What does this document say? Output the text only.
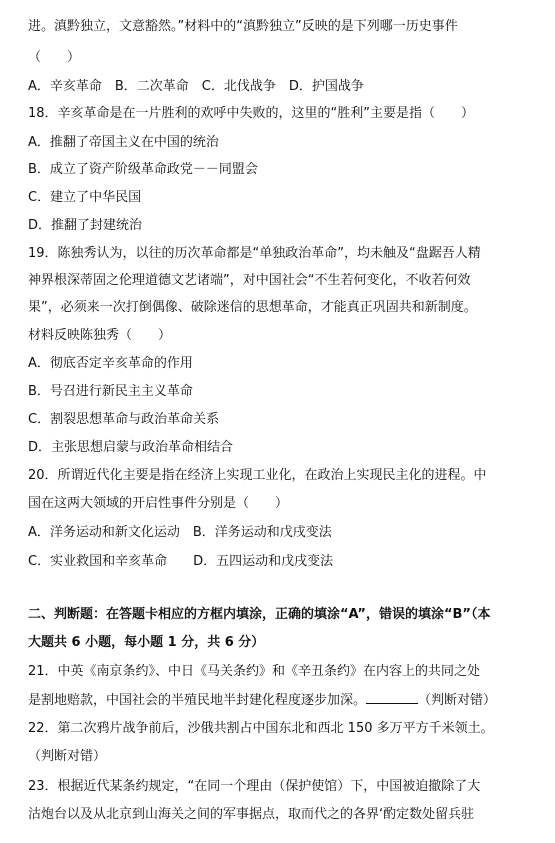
进。滇黔独立，文意豁然。”材料中的“滇黔独立”反映的是下列哪一历史事件
（　　）
A．辛亥革命　B．二次革命　C．北伐战争　D．护国战争
18．辛亥革命是在一片胜利的欢呼中失败的，这里的“胜利”主要是指（　　）
A．推翻了帝国主义在中国的统治
B．成立了资产阶级革命政党－－同盟会
C．建立了中华民国
D．推翻了封建统治
19．陈独秀认为，以往的历次革命都是“单独政治革命”，均未触及“盘踞吾人精
神界根深蒂固之伦理道德文艺诸端”，对中国社会“不生若何变化，不收若何效
果”，必须来一次打倒偶像、破除迷信的思想革命，才能真正巩固共和新制度。
材料反映陈独秀（　　）
A．彻底否定辛亥革命的作用
B．号召进行新民主主义革命
C．割裂思想革命与政治革命关系
D．主张思想启蒙与政治革命相结合
20．所谓近代化主要是指在经济上实现工业化，在政治上实现民主化的进程。中
国在这两大领域的开启性事件分别是（　　）
A．洋务运动和新文化运动　B．洋务运动和戊戌变法
C．实业救国和辛亥革命　　D．五四运动和戊戌变法
二、判断题：在答题卡相应的方框内填涂，正确的填涂“A”，错误的填涂“B”（本
大题共 6 小题，每小题 1 分，共 6 分）
21．中英《南京条约》、中日《马关条约》和《辛丑条约》在内容上的共同之处
是割地赔款，中国社会的半殖民地半封建化程度逐步加深。	（判断对错）
22．第二次鸦片战争前后，沙俄共割占中国东北和西北 150 多万平方千米领土。
（判断对错）
23．根据近代某条约规定，“在同一个理由（保护使馆）下，中国被迫撤除了大
沽炮台以及从北京到山海关之间的军事据点，取而代之的各界‘酌定数处留兵驻
